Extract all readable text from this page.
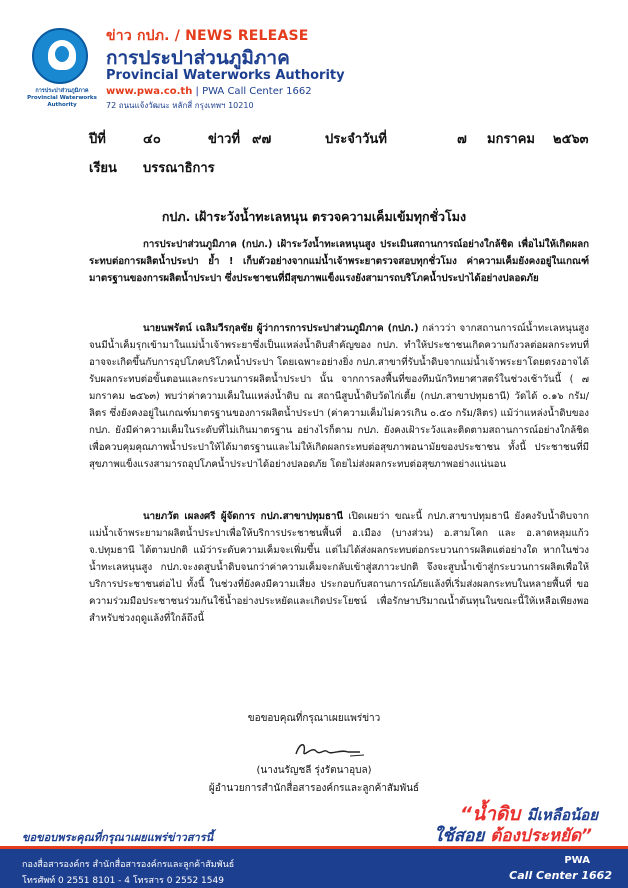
การประปาส่วนภูมิภาค
Provincial Waterworks Authority
ข่าว กปภ. / NEWS RELEASE
การประปาส่วนภูมิภาค
Provincial Waterworks Authority
www.pwa.co.th | PWA Call Center 1662
72 ถนนแจ้งวัฒนะ หลักสี่ กรุงเทพฯ 10210
ปีที่	๔๐	ข่าวที่ ๙๗	ประจำวันที่	๗ มกราคม ๒๕๖๓
เรียน บรรณาธิการ
กปภ. เฝ้าระวังน้ำทะเลหนุน ตรวจความเค็มเข้มทุกชั่วโมง
การประปาส่วนภูมิภาค (กปภ.) เฝ้าระวังน้ำทะเลหนุนสูง ประเมินสถานการณ์อย่างใกล้ชิด เพื่อไม่ให้เกิดผลกระทบต่อการผลิตน้ำประปา ย้ำ ! เก็บตัวอย่างจากแม่น้ำเจ้าพระยาตรวจสอบทุกชั่วโมง ค่าความเค็มยังคงอยู่ในเกณฑ์มาตรฐานของการผลิตน้ำประปา ซึ่งประชาชนที่มีสุขภาพแข็งแรงยังสามารถบริโภคน้ำประปาได้อย่างปลอดภัย
นายนพรัตน์ เฉลิมวีรกุลชัย ผู้ว่าการการประปาส่วนภูมิภาค (กปภ.) กล่าวว่า จากสถานการณ์น้ำทะเลหนุนสูง จนมีน้ำเค็มรุกเข้ามาในแม่น้ำเจ้าพระยาซึ่งเป็นแหล่งน้ำดิบสำคัญของ กปภ. ทำให้ประชาชนเกิดความกังวลต่อผลกระทบที่อาจจะเกิดขึ้นกับการอุปโภคบริโภคน้ำประปา โดยเฉพาะอย่างยิ่ง กปภ.สาขาที่รับน้ำดิบจากแม่น้ำเจ้าพระยาโดยตรงอาจได้รับผลกระทบต่อขั้นตอนและกระบวนการผลิตน้ำประปา นั้น จากการลงพื้นที่ของทีมนักวิทยาศาสตร์ในช่วงเช้าวันนี้ ( ๗ มกราคม ๒๕๖๓) พบว่าค่าความเค็มในแหล่งน้ำดิบ ณ สถานีสูบน้ำดิบวัดไก่เตี้ย (กปภ.สาขาปทุมธานี) วัดได้ ๐.๑๖ กรัม/ลิตร ซึ่งยังคงอยู่ในเกณฑ์มาตรฐานของการผลิตน้ำประปา (ค่าความเค็มไม่ควรเกิน ๐.๕๐ กรัม/ลิตร) แม้ว่าแหล่งน้ำดิบของ กปภ. ยังมีค่าความเค็มในระดับที่ไม่เกินมาตรฐาน อย่างไรก็ตาม กปภ. ยังคงเฝ้าระวังและติดตามสถานการณ์อย่างใกล้ชิด เพื่อควบคุมคุณภาพน้ำประปาให้ได้มาตรฐานและไม่ให้เกิดผลกระทบต่อสุขภาพอนามัยของประชาชน ทั้งนี้ ประชาชนที่มีสุขภาพแข็งแรงสามารถอุปโภคน้ำประปาได้อย่างปลอดภัย โดยไม่ส่งผลกระทบต่อสุขภาพอย่างแน่นอน
นายภวัต เผลงศรี ผู้จัดการ กปภ.สาขาปทุมธานี เปิดเผยว่า ขณะนี้ กปภ.สาขาปทุมธานี ยังคงรับน้ำดิบจากแม่น้ำเจ้าพระยามาผลิตน้ำประปาเพื่อให้บริการประชาชนพื้นที่ อ.เมือง (บางส่วน) อ.สามโคก และ อ.ลาดหลุมแก้ว จ.ปทุมธานี ได้ตามปกติ แม้ว่าระดับความเค็มจะเพิ่มขึ้น แต่ไม่ได้ส่งผลกระทบต่อกระบวนการผลิตแต่อย่างใด หากในช่วงน้ำทะเลหนุนสูง กปภ.จะงดสูบน้ำดิบจนกว่าค่าความเค็มจะกลับเข้าสู่สภาวะปกติ จึงจะสูบน้ำเข้าสู่กระบวนการผลิตเพื่อให้บริการประชาชนต่อไป ทั้งนี้ ในช่วงที่ยังคงมีความเสี่ยง ประกอบกับสถานการณ์ภัยแล้งที่เริ่มส่งผลกระทบในหลายพื้นที่ ขอความร่วมมือประชาชนร่วมกันใช้น้ำอย่างประหยัดและเกิดประโยชน์ เพื่อรักษาปริมาณน้ำต้นทุนในขณะนี้ให้เหลือเพียงพอสำหรับช่วงฤดูแล้งที่ใกล้ถึงนี้
ขอขอบคุณที่กรุณาเผยแพร่ข่าว
(นางนรัญชลี รุ่งรัตนาอุบล)
ผู้อำนวยการสำนักสื่อสารองค์กรและลูกค้าสัมพันธ์
“น้ำดิบ มีเหลือน้อย
ใช้สอย ต้องประหยัด”
ขอขอบพระคุณที่กรุณาเผยแพร่ข่าวสารนี้
กองสื่อสารองค์กร สำนักสื่อสารองค์กรและลูกค้าสัมพันธ์
โทรศัพท์ 0 2551 8101 - 4 โทรสาร 0 2552 1549
PWA
Call Center 1662
